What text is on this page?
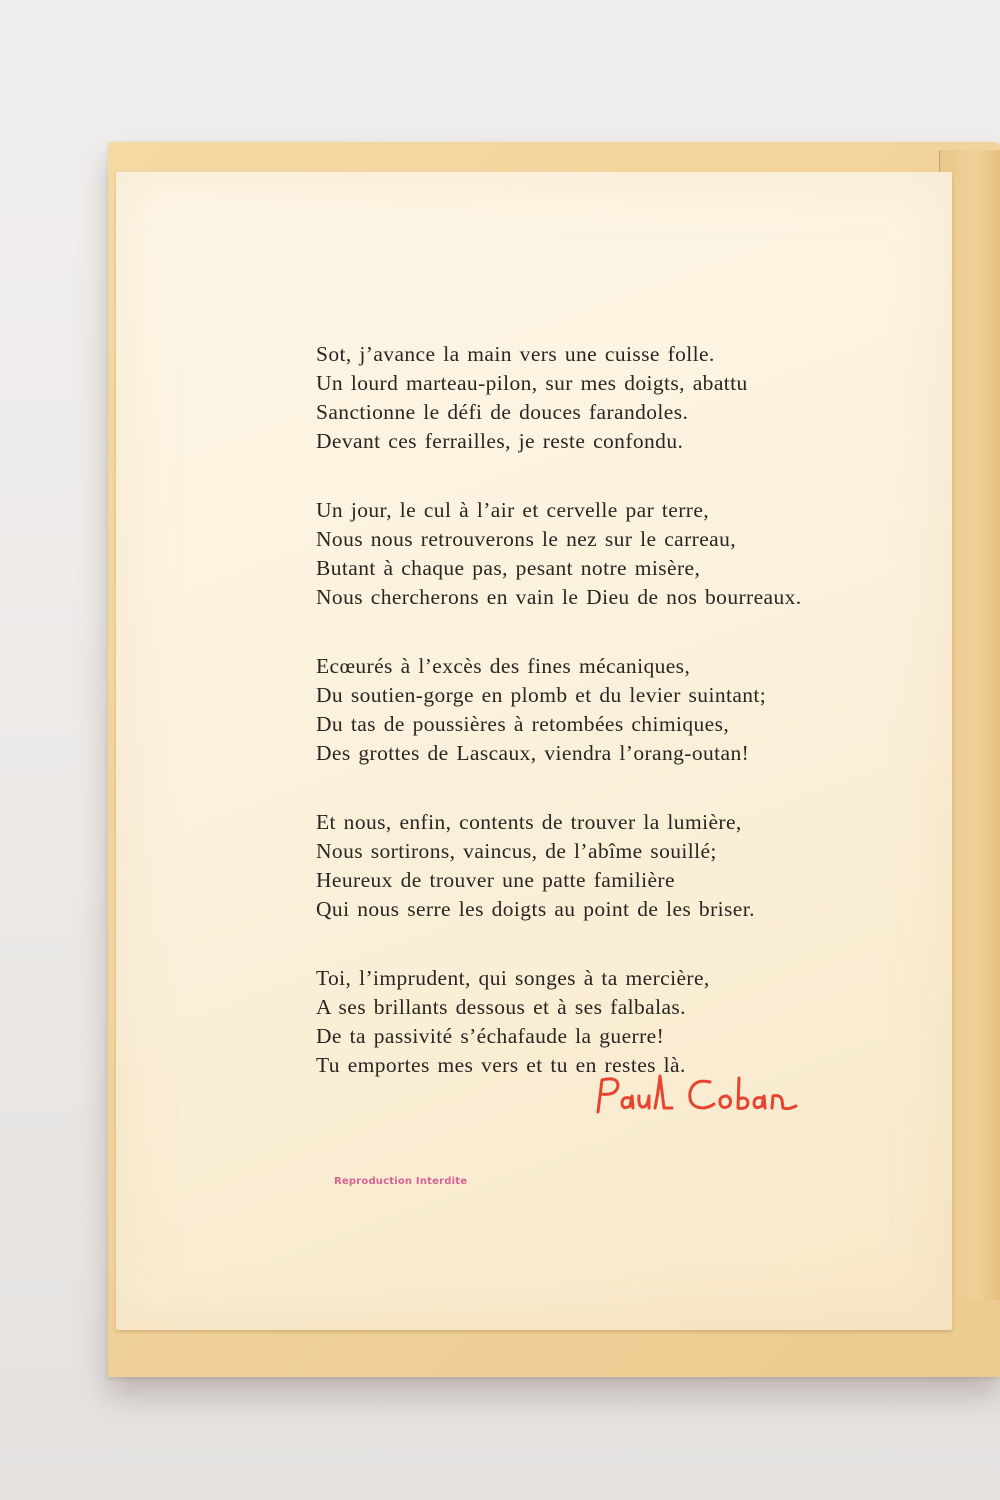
Sot, j’avance la main vers une cuisse folle.
Un lourd marteau-pilon, sur mes doigts, abattu
Sanctionne le défi de douces farandoles.
Devant ces ferrailles, je reste confondu.
Un jour, le cul à l’air et cervelle par terre,
Nous nous retrouverons le nez sur le carreau,
Butant à chaque pas, pesant notre misère,
Nous chercherons en vain le Dieu de nos bourreaux.
Ecœurés à l’excès des fines mécaniques,
Du soutien-gorge en plomb et du levier suintant;
Du tas de poussières à retombées chimiques,
Des grottes de Lascaux, viendra l’orang-outan!
Et nous, enfin, contents de trouver la lumière,
Nous sortirons, vaincus, de l’abîme souillé;
Heureux de trouver une patte familière
Qui nous serre les doigts au point de les briser.
Toi, l’imprudent, qui songes à ta mercière,
A ses brillants dessous et à ses falbalas.
De ta passivité s’échafaude la guerre!
Tu emportes mes vers et tu en restes là.
Reproduction Interdite
